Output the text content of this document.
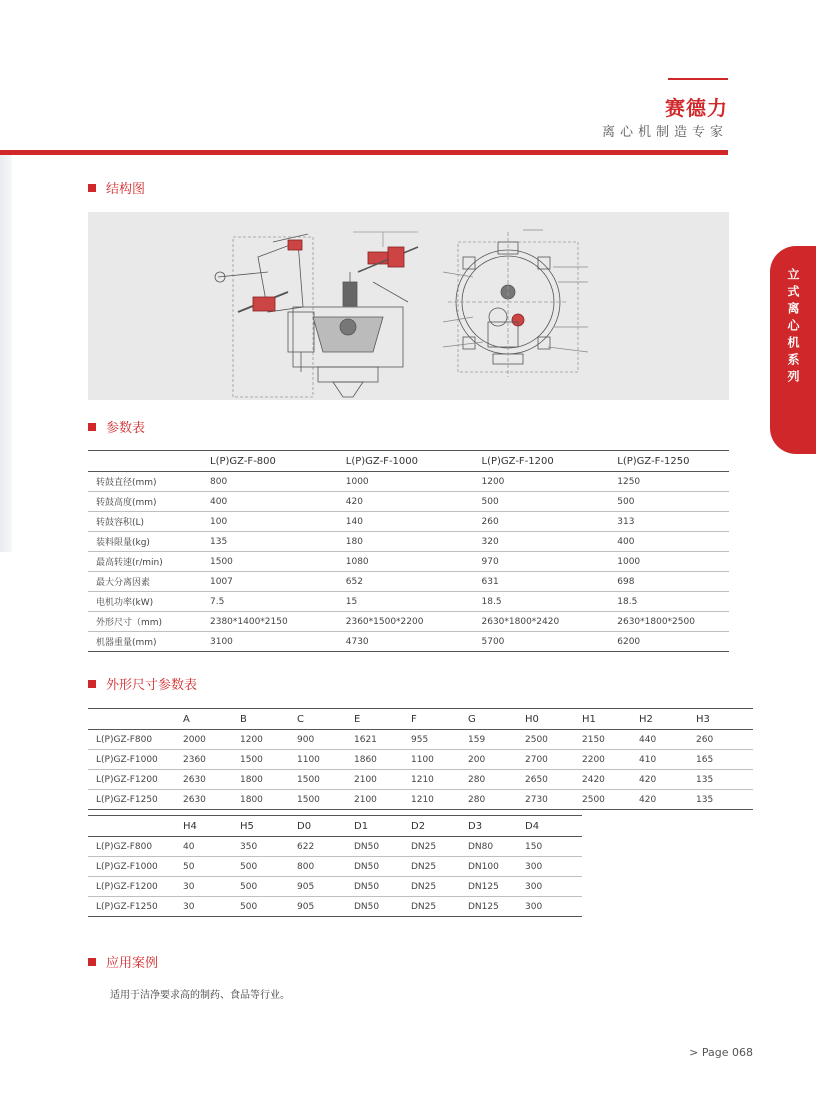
赛德力
离心机制造专家
立式离心机系列
结构图
参数表
	L(P)GZ-F-800	L(P)GZ-F-1000	L(P)GZ-F-1200	L(P)GZ-F-1250
转鼓直径(mm)	800	1000	1200	1250
转鼓高度(mm)	400	420	500	500
转鼓容积(L)	100	140	260	313
装料限量(kg)	135	180	320	400
最高转速(r/min)	1500	1080	970	1000
最大分离因素	1007	652	631	698
电机功率(kW)	7.5	15	18.5	18.5
外形尺寸（mm)	2380*1400*2150	2360*1500*2200	2630*1800*2420	2630*1800*2500
机器重量(mm)	3100	4730	5700	6200
外形尺寸参数表
	A	B	C	E	F	G	H0	H1	H2	H3
L(P)GZ-F800	2000	1200	900	1621	955	159	2500	2150	440	260
L(P)GZ-F1000	2360	1500	1100	1860	1100	200	2700	2200	410	165
L(P)GZ-F1200	2630	1800	1500	2100	1210	280	2650	2420	420	135
L(P)GZ-F1250	2630	1800	1500	2100	1210	280	2730	2500	420	135
	H4	H5	D0	D1	D2	D3	D4
L(P)GZ-F800	40	350	622	DN50	DN25	DN80	150
L(P)GZ-F1000	50	500	800	DN50	DN25	DN100	300
L(P)GZ-F1200	30	500	905	DN50	DN25	DN125	300
L(P)GZ-F1250	30	500	905	DN50	DN25	DN125	300
应用案例
适用于洁净要求高的制药、食品等行业。
> Page 068
